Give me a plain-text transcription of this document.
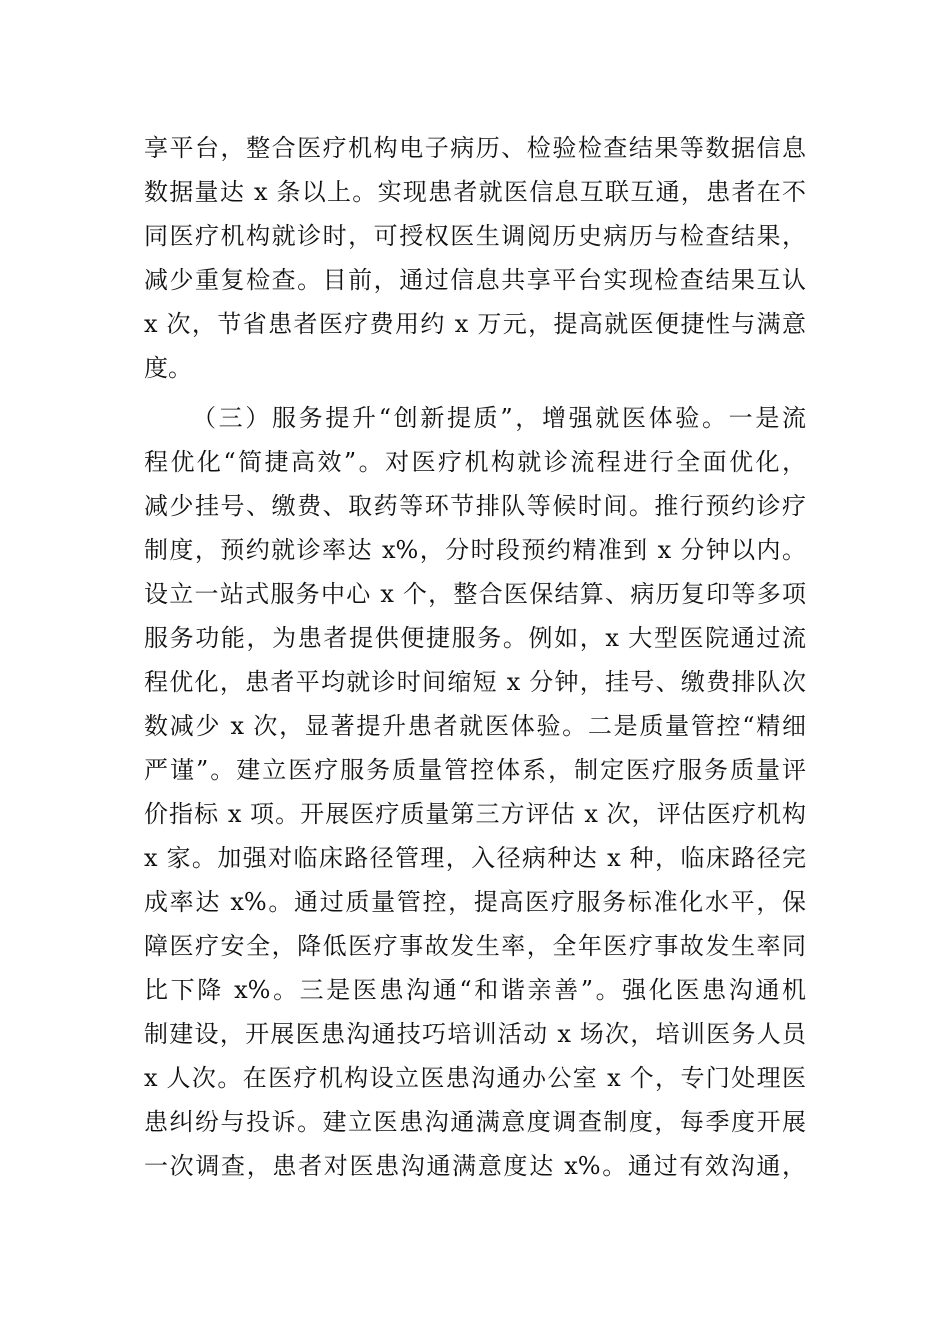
享平台，整合医疗机构电子病历、检验检查结果等数据信息
数据量达 x 条以上。实现患者就医信息互联互通，患者在不
同医疗机构就诊时，可授权医生调阅历史病历与检查结果，
减少重复检查。目前，通过信息共享平台实现检查结果互认
x 次，节省患者医疗费用约 x 万元，提高就医便捷性与满意
度。
（三）服务提升“创新提质”，增强就医体验。一是流
程优化“简捷高效”。对医疗机构就诊流程进行全面优化，
减少挂号、缴费、取药等环节排队等候时间。推行预约诊疗
制度，预约就诊率达 x%，分时段预约精准到 x 分钟以内。
设立一站式服务中心 x 个，整合医保结算、病历复印等多项
服务功能，为患者提供便捷服务。例如，x 大型医院通过流
程优化，患者平均就诊时间缩短 x 分钟，挂号、缴费排队次
数减少 x 次，显著提升患者就医体验。二是质量管控“精细
严谨”。建立医疗服务质量管控体系，制定医疗服务质量评
价指标 x 项。开展医疗质量第三方评估 x 次，评估医疗机构
x 家。加强对临床路径管理，入径病种达 x 种，临床路径完
成率达 x%。通过质量管控，提高医疗服务标准化水平，保
障医疗安全，降低医疗事故发生率，全年医疗事故发生率同
比下降 x%。三是医患沟通“和谐亲善”。强化医患沟通机
制建设，开展医患沟通技巧培训活动 x 场次，培训医务人员
x 人次。在医疗机构设立医患沟通办公室 x 个，专门处理医
患纠纷与投诉。建立医患沟通满意度调查制度，每季度开展
一次调查，患者对医患沟通满意度达 x%。通过有效沟通，
